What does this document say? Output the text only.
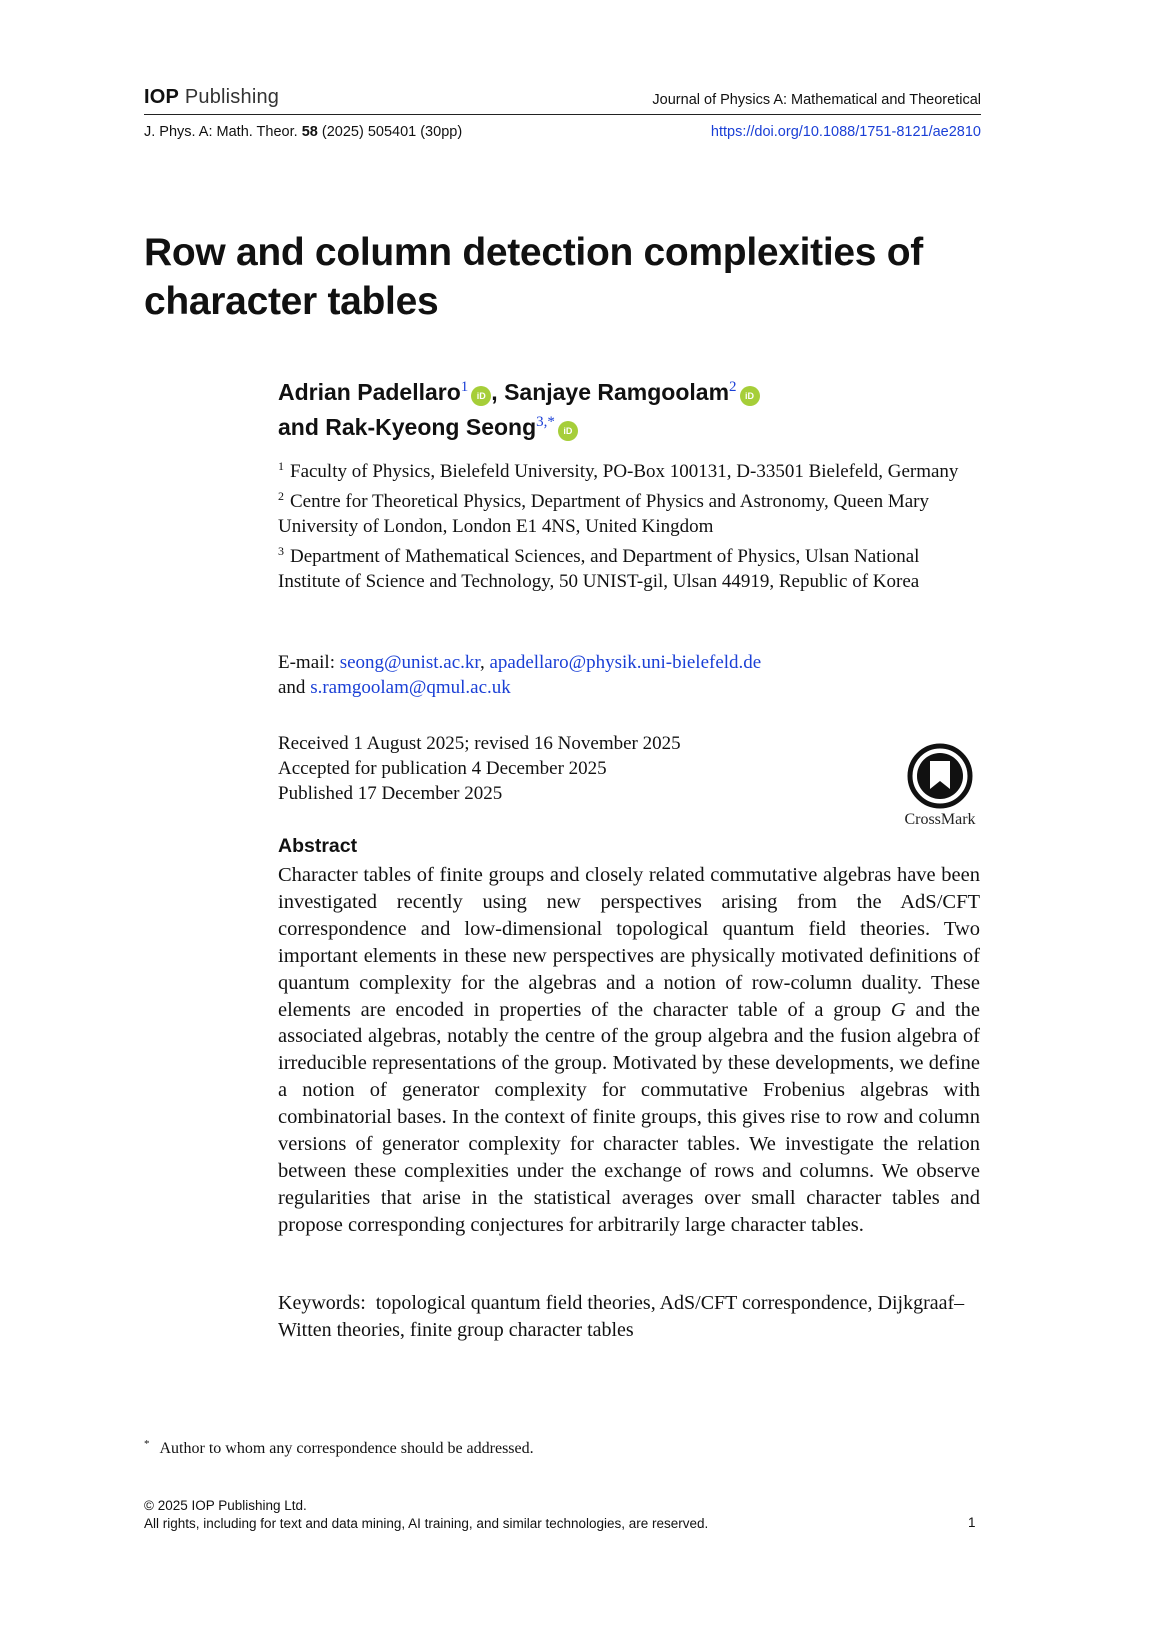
IOP Publishing	Journal of Physics A: Mathematical and Theoretical
J. Phys. A: Math. Theor. 58 (2025) 505401 (30pp)	https://doi.org/10.1088/1751-8121/ae2810
Row and column detection complexities of character tables
Adrian Padellaro$^1$iD , Sanjaye Ramgoolam$^2$iD
and Rak-Kyeong Seong$^{3,*}$iD
$^1$ Faculty of Physics, Bielefeld University, PO-Box 100131, D-33501 Bielefeld, Germany
$^2$ Centre for Theoretical Physics, Department of Physics and Astronomy, Queen Mary University of London, London E1 4NS, United Kingdom
$^3$ Department of Mathematical Sciences, and Department of Physics, Ulsan National Institute of Science and Technology, 50 UNIST-gil, Ulsan 44919, Republic of Korea
E-mail: seong@unist.ac.kr, apadellaro@physik.uni-bielefeld.de
and s.ramgoolam@qmul.ac.uk
Received 1 August 2025; revised 16 November 2025
Accepted for publication 4 December 2025
Published 17 December 2025
CrossMark
Abstract

Character tables of finite groups and closely related commutative algebras have been investigated recently using new perspectives arising from the AdS/CFT correspondence and low-dimensional topological quantum field theories. Two important elements in these new perspectives are physically motivated definitions of quantum complexity for the algebras and a notion of row-column duality. These elements are encoded in properties of the character table of a group G and the associated algebras, notably the centre of the group algebra and the fusion algebra of irreducible representations of the group. Motivated by these developments, we define a notion of generator complexity for commutative Frobenius algebras with combinatorial bases. In the context of finite groups, this gives rise to row and column versions of generator complexity for character tables. We investigate the relation between these complexities under the exchange of rows and columns. We observe regularities that arise in the statistical averages over small character tables and propose corresponding conjectures for arbitrarily large character tables.

Keywords: topological quantum field theories, AdS/CFT correspondence, Dijkgraaf–Witten theories, finite group character tables
* Author to whom any correspondence should be addressed.
© 2025 IOP Publishing Ltd.
All rights, including for text and data mining, AI training, and similar technologies, are reserved.	1
